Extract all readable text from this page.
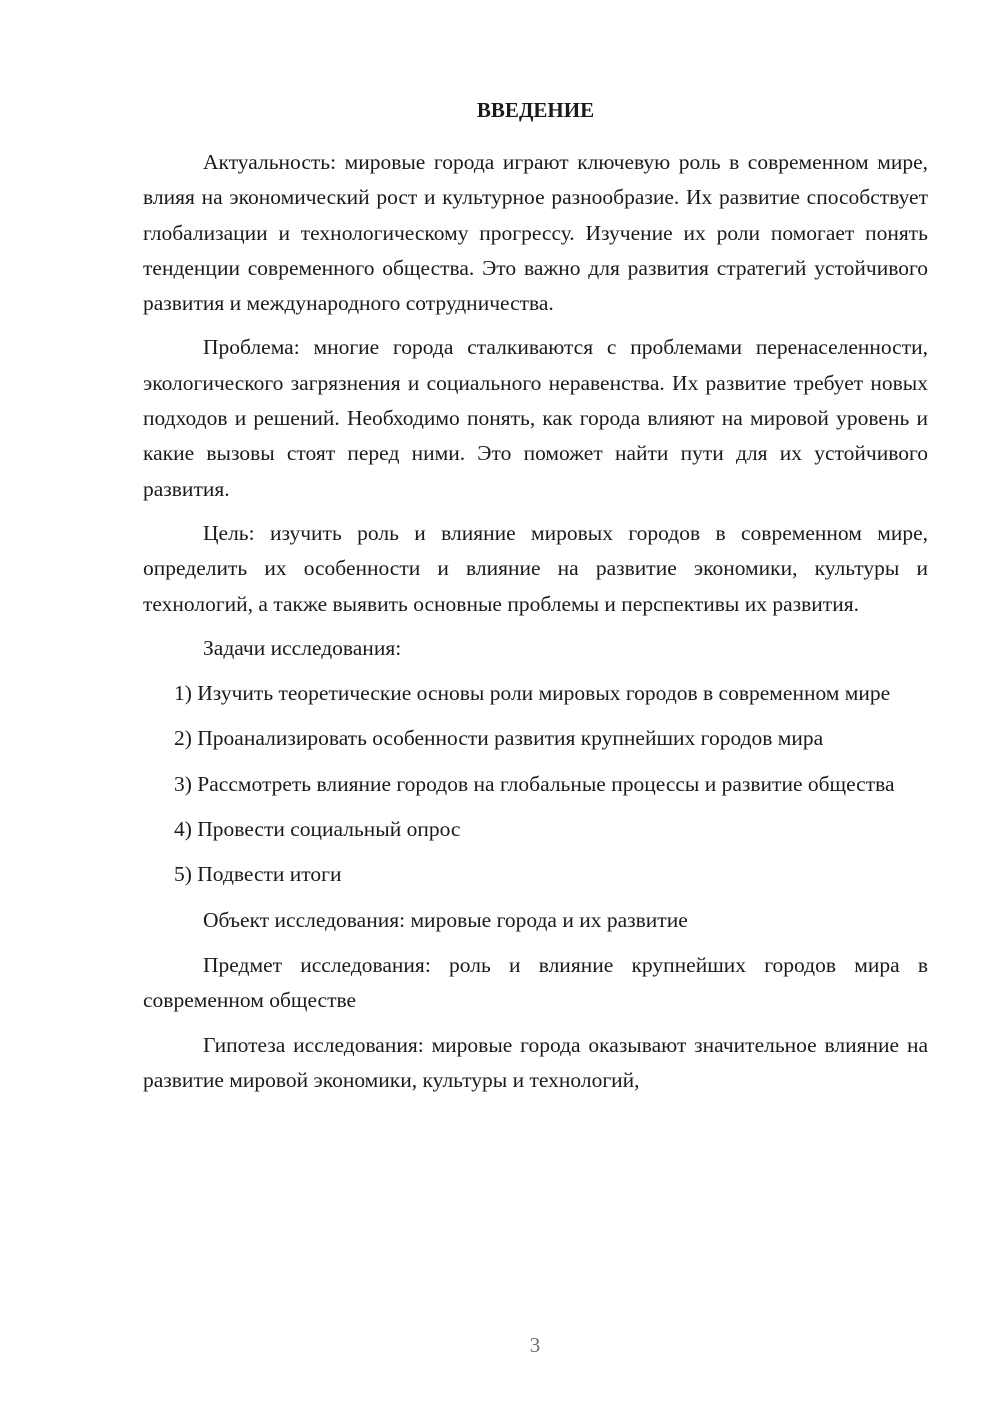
ВВЕДЕНИЕ

Актуальность: мировые города играют ключевую роль в современном мире, влияя на экономический рост и культурное разнообразие. Их развитие способствует глобализации и технологическому прогрессу. Изучение их роли помогает понять тенденции современного общества. Это важно для развития стратегий устойчивого развития и международного сотрудничества.

Проблема: многие города сталкиваются с проблемами перенаселенности, экологического загрязнения и социального неравенства. Их развитие требует новых подходов и решений. Необходимо понять, как города влияют на мировой уровень и какие вызовы стоят перед ними. Это поможет найти пути для их устойчивого развития.

Цель: изучить роль и влияние мировых городов в современном мире, определить их особенности и влияние на развитие экономики, культуры и технологий, а также выявить основные проблемы и перспективы их развития.

Задачи исследования:

1) Изучить теоретические основы роли мировых городов в современном мире

2) Проанализировать особенности развития крупнейших городов мира

3) Рассмотреть влияние городов на глобальные процессы и развитие общества

4) Провести социальный опрос

5) Подвести итоги

Объект исследования: мировые города и их развитие

Предмет исследования: роль и влияние крупнейших городов мира в современном обществе

Гипотеза исследования: мировые города оказывают значительное влияние на развитие мировой экономики, культуры и технологий,

3
